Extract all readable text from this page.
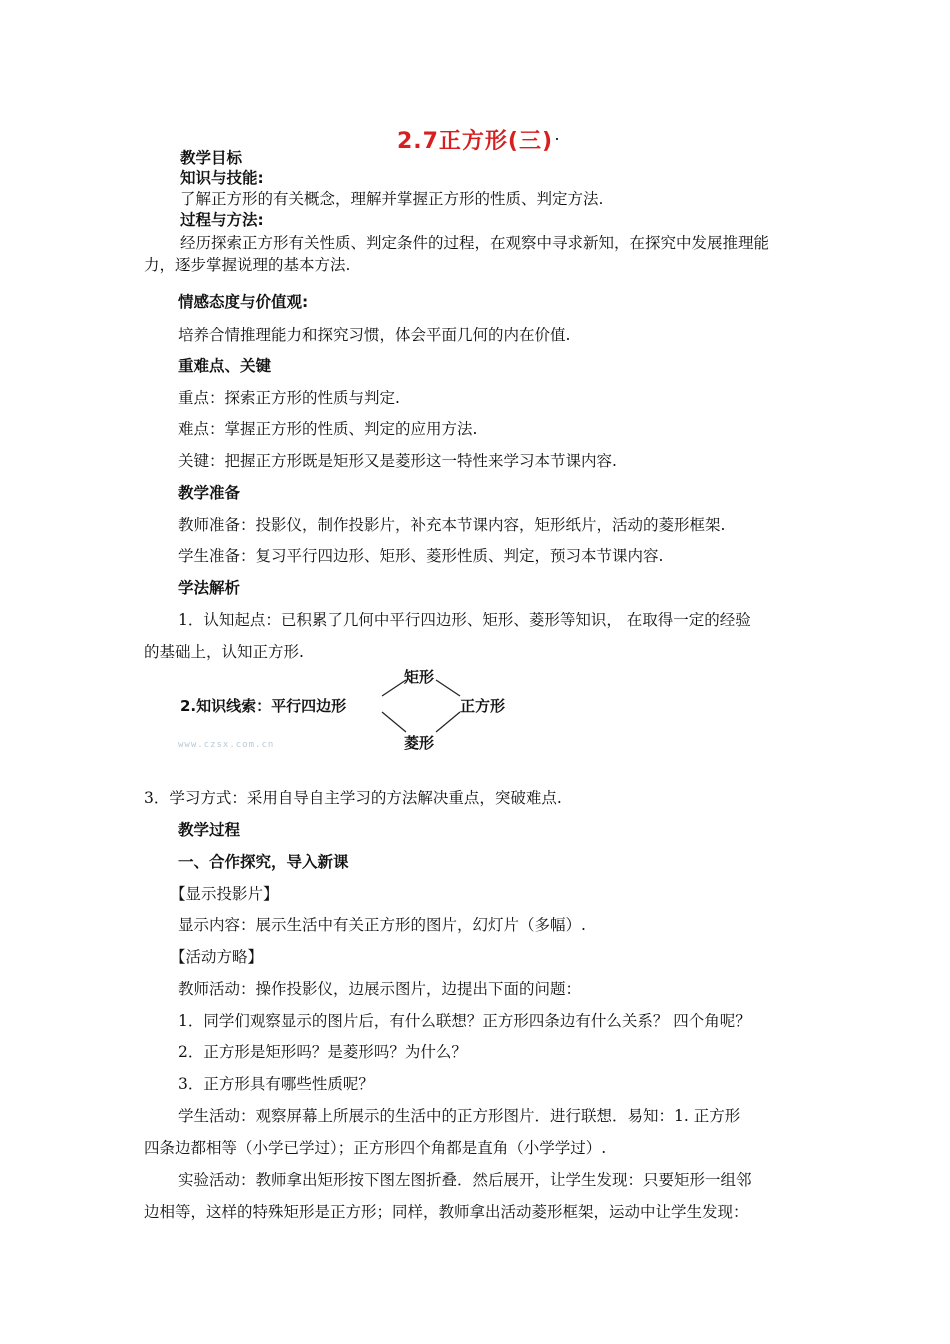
2.7正方形(三)
教学目标
知识与技能:
了解正方形的有关概念，理解并掌握正方形的性质、判定方法.
过程与方法:
经历探索正方形有关性质、判定条件的过程，在观察中寻求新知，在探究中发展推理能
力，逐步掌握说理的基本方法.
情感态度与价值观:
培养合情推理能力和探究习惯，体会平面几何的内在价值.
重难点、关键
重点：探索正方形的性质与判定.
难点：掌握正方形的性质、判定的应用方法.
关键：把握正方形既是矩形又是菱形这一特性来学习本节课内容.
教学准备
教师准备：投影仪，制作投影片，补充本节课内容，矩形纸片，活动的菱形框架.
学生准备：复习平行四边形、矩形、菱形性质、判定，预习本节课内容.
学法解析
1．认知起点：已积累了几何中平行四边形、矩形、菱形等知识， 在取得一定的经验
的基础上，认知正方形.
2.知识线索：平行四边形
矩形
正方形
菱形
www.czsx.com.cn
3．学习方式：采用自导自主学习的方法解决重点，突破难点.
教学过程
一、合作探究，导入新课
【显示投影片】
显示内容：展示生活中有关正方形的图片，幻灯片（多幅）.
【活动方略】
教师活动：操作投影仪，边展示图片，边提出下面的问题：
1．同学们观察显示的图片后，有什么联想？正方形四条边有什么关系？ 四个角呢？
2．正方形是矩形吗？是菱形吗？为什么？
3．正方形具有哪些性质呢？
学生活动：观察屏幕上所展示的生活中的正方形图片．进行联想．易知：1. 正方形
四条边都相等（小学已学过）；正方形四个角都是直角（小学学过）.
实验活动：教师拿出矩形按下图左图折叠．然后展开，让学生发现：只要矩形一组邻
边相等，这样的特殊矩形是正方形；同样，教师拿出活动菱形框架，运动中让学生发现：
